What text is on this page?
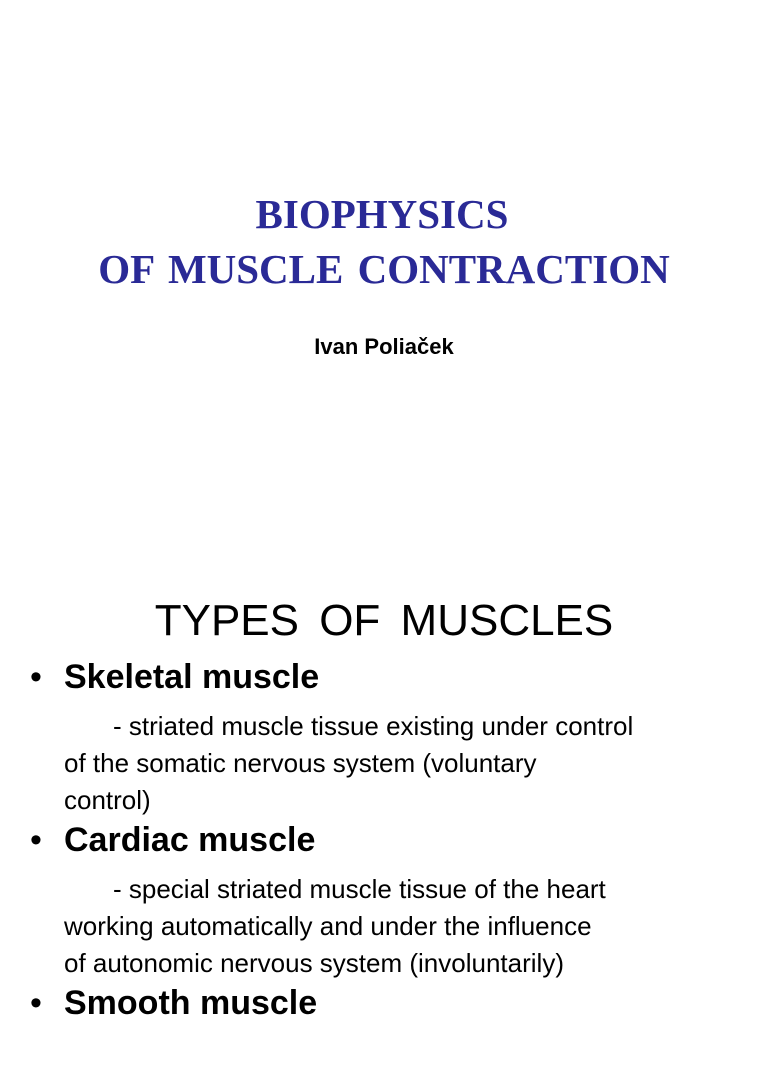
BIOPHYSICS
OF MUSCLE CONTRACTION
Ivan Poliaček
TYPES OF MUSCLES
• Skeletal muscle
- striated muscle tissue existing under control
of the somatic nervous system (voluntary
control)
• Cardiac muscle
- special striated muscle tissue of the heart
working automatically and under the influence
of autonomic nervous system (involuntarily)
• Smooth muscle
